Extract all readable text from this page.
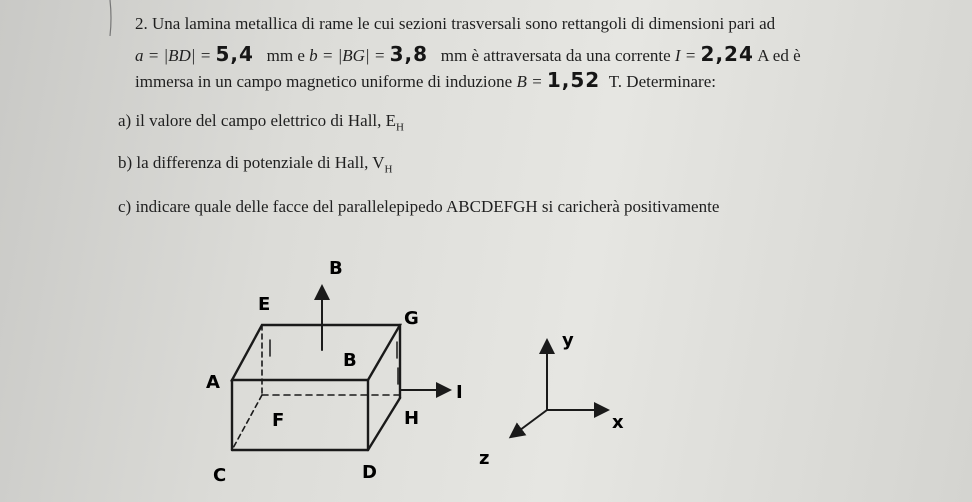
2. Una lamina metallica di rame le cui sezioni trasversali sono rettangoli di dimensioni pari ad
a = |BD| = 5,4 mm e b = |BG| = 3,8 mm è attraversata da una corrente I = 2,24 A ed è
immersa in un campo magnetico uniforme di induzione B = 1,52 T. Determinare:
a) il valore del campo elettrico di Hall, $E_H$
b) la differenza di potenziale di Hall, $V_H$
c) indicare quale delle facce del parallelepipedo ABCDEFGH si caricherà positivamente
B
E
G
B
A	I
F	H
C	D
y
x
z
